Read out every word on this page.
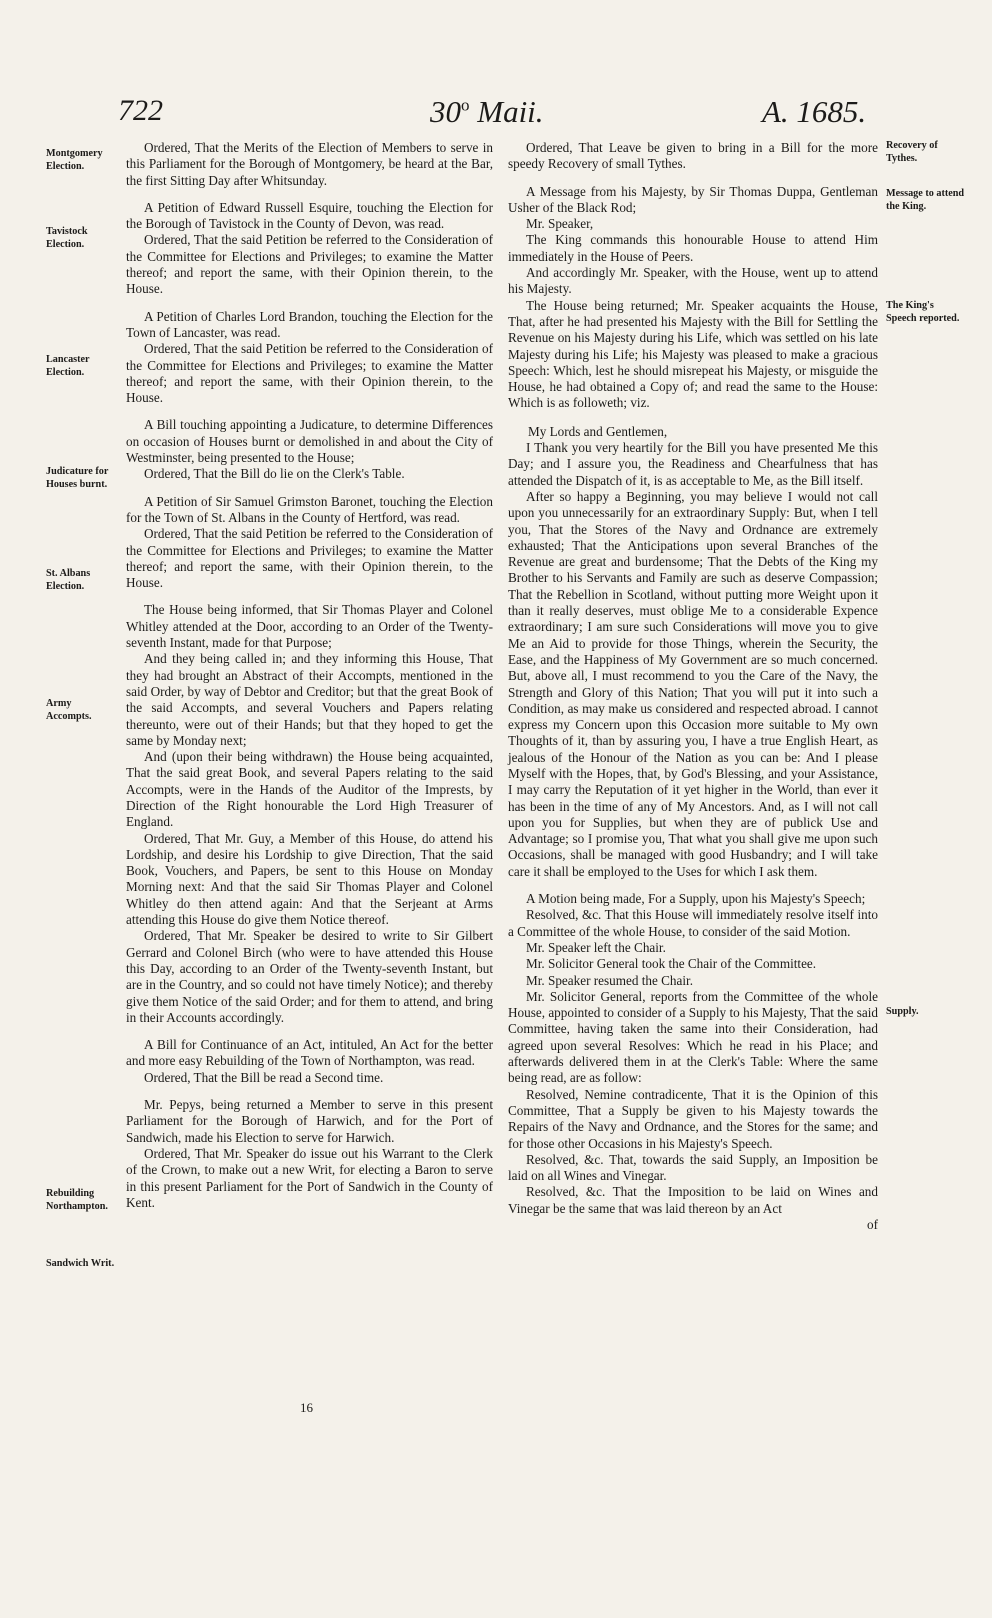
722	30$^o$ Maii.	A. 1685.
Montgomery Election.
Tavistock Election.
Lancaster Election.
Judicature for Houses burnt.
St. Albans Election.
Army Accompts.
Rebuilding Northampton.
Sandwich Writ.
Recovery of Tythes.
Message to attend the King.
The King's Speech reported.
Supply.

Ordered, That the Merits of the Election of Members to serve in this Parliament for the Borough of Montgomery, be heard at the Bar, the first Sitting Day after Whitsunday.

A Petition of Edward Russell Esquire, touching the Election for the Borough of Tavistock in the County of Devon, was read.

Ordered, That the said Petition be referred to the Consideration of the Committee for Elections and Privileges; to examine the Matter thereof; and report the same, with their Opinion therein, to the House.

A Petition of Charles Lord Brandon, touching the Election for the Town of Lancaster, was read.

Ordered, That the said Petition be referred to the Consideration of the Committee for Elections and Privileges; to examine the Matter thereof; and report the same, with their Opinion therein, to the House.

A Bill touching appointing a Judicature, to determine Differences on occasion of Houses burnt or demolished in and about the City of Westminster, being presented to the House;

Ordered, That the Bill do lie on the Clerk's Table.

A Petition of Sir Samuel Grimston Baronet, touching the Election for the Town of St. Albans in the County of Hertford, was read.

Ordered, That the said Petition be referred to the Consideration of the Committee for Elections and Privileges; to examine the Matter thereof; and report the same, with their Opinion therein, to the House.

The House being informed, that Sir Thomas Player and Colonel Whitley attended at the Door, according to an Order of the Twenty-seventh Instant, made for that Purpose;

And they being called in; and they informing this House, That they had brought an Abstract of their Accompts, mentioned in the said Order, by way of Debtor and Creditor; but that the great Book of the said Accompts, and several Vouchers and Papers relating thereunto, were out of their Hands; but that they hoped to get the same by Monday next;

And (upon their being withdrawn) the House being acquainted, That the said great Book, and several Papers relating to the said Accompts, were in the Hands of the Auditor of the Imprests, by Direction of the Right honourable the Lord High Treasurer of England.

Ordered, That Mr. Guy, a Member of this House, do attend his Lordship, and desire his Lordship to give Direction, That the said Book, Vouchers, and Papers, be sent to this House on Monday Morning next: And that the said Sir Thomas Player and Colonel Whitley do then attend again: And that the Serjeant at Arms attending this House do give them Notice thereof.

Ordered, That Mr. Speaker be desired to write to Sir Gilbert Gerrard and Colonel Birch (who were to have attended this House this Day, according to an Order of the Twenty-seventh Instant, but are in the Country, and so could not have timely Notice); and thereby give them Notice of the said Order; and for them to attend, and bring in their Accounts accordingly.

A Bill for Continuance of an Act, intituled, An Act for the better and more easy Rebuilding of the Town of Northampton, was read.

Ordered, That the Bill be read a Second time.

Mr. Pepys, being returned a Member to serve in this present Parliament for the Borough of Harwich, and for the Port of Sandwich, made his Election to serve for Harwich.

Ordered, That Mr. Speaker do issue out his Warrant to the Clerk of the Crown, to make out a new Writ, for electing a Baron to serve in this present Parliament for the Port of Sandwich in the County of Kent.

Ordered, That Leave be given to bring in a Bill for the more speedy Recovery of small Tythes.

A Message from his Majesty, by Sir Thomas Duppa, Gentleman Usher of the Black Rod;

Mr. Speaker,

The King commands this honourable House to attend Him immediately in the House of Peers.

And accordingly Mr. Speaker, with the House, went up to attend his Majesty.

The House being returned; Mr. Speaker acquaints the House, That, after he had presented his Majesty with the Bill for Settling the Revenue on his Majesty during his Life, which was settled on his late Majesty during his Life; his Majesty was pleased to make a gracious Speech: Which, lest he should misrepeat his Majesty, or misguide the House, he had obtained a Copy of; and read the same to the House: Which is as followeth; viz.

My Lords and Gentlemen,

I Thank you very heartily for the Bill you have presented Me this Day; and I assure you, the Readiness and Chearfulness that has attended the Dispatch of it, is as acceptable to Me, as the Bill itself.

After so happy a Beginning, you may believe I would not call upon you unnecessarily for an extraordinary Supply: But, when I tell you, That the Stores of the Navy and Ordnance are extremely exhausted; That the Anticipations upon several Branches of the Revenue are great and burdensome; That the Debts of the King my Brother to his Servants and Family are such as deserve Compassion; That the Rebellion in Scotland, without putting more Weight upon it than it really deserves, must oblige Me to a considerable Expence extraordinary; I am sure such Considerations will move you to give Me an Aid to provide for those Things, wherein the Security, the Ease, and the Happiness of My Government are so much concerned. But, above all, I must recommend to you the Care of the Navy, the Strength and Glory of this Nation; That you will put it into such a Condition, as may make us considered and respected abroad. I cannot express my Concern upon this Occasion more suitable to My own Thoughts of it, than by assuring you, I have a true English Heart, as jealous of the Honour of the Nation as you can be: And I please Myself with the Hopes, that, by God's Blessing, and your Assistance, I may carry the Reputation of it yet higher in the World, than ever it has been in the time of any of My Ancestors. And, as I will not call upon you for Supplies, but when they are of publick Use and Advantage; so I promise you, That what you shall give me upon such Occasions, shall be managed with good Husbandry; and I will take care it shall be employed to the Uses for which I ask them.

A Motion being made, For a Supply, upon his Majesty's Speech;

Resolved, &c. That this House will immediately resolve itself into a Committee of the whole House, to consider of the said Motion.

Mr. Speaker left the Chair.

Mr. Solicitor General took the Chair of the Committee.

Mr. Speaker resumed the Chair.

Mr. Solicitor General, reports from the Committee of the whole House, appointed to consider of a Supply to his Majesty, That the said Committee, having taken the same into their Consideration, had agreed upon several Resolves: Which he read in his Place; and afterwards delivered them in at the Clerk's Table: Where the same being read, are as follow:

Resolved, Nemine contradicente, That it is the Opinion of this Committee, That a Supply be given to his Majesty towards the Repairs of the Navy and Ordnance, and the Stores for the same; and for those other Occasions in his Majesty's Speech.

Resolved, &c. That, towards the said Supply, an Imposition be laid on all Wines and Vinegar.

Resolved, &c. That the Imposition to be laid on Wines and Vinegar be the same that was laid thereon by an Act

of

16
